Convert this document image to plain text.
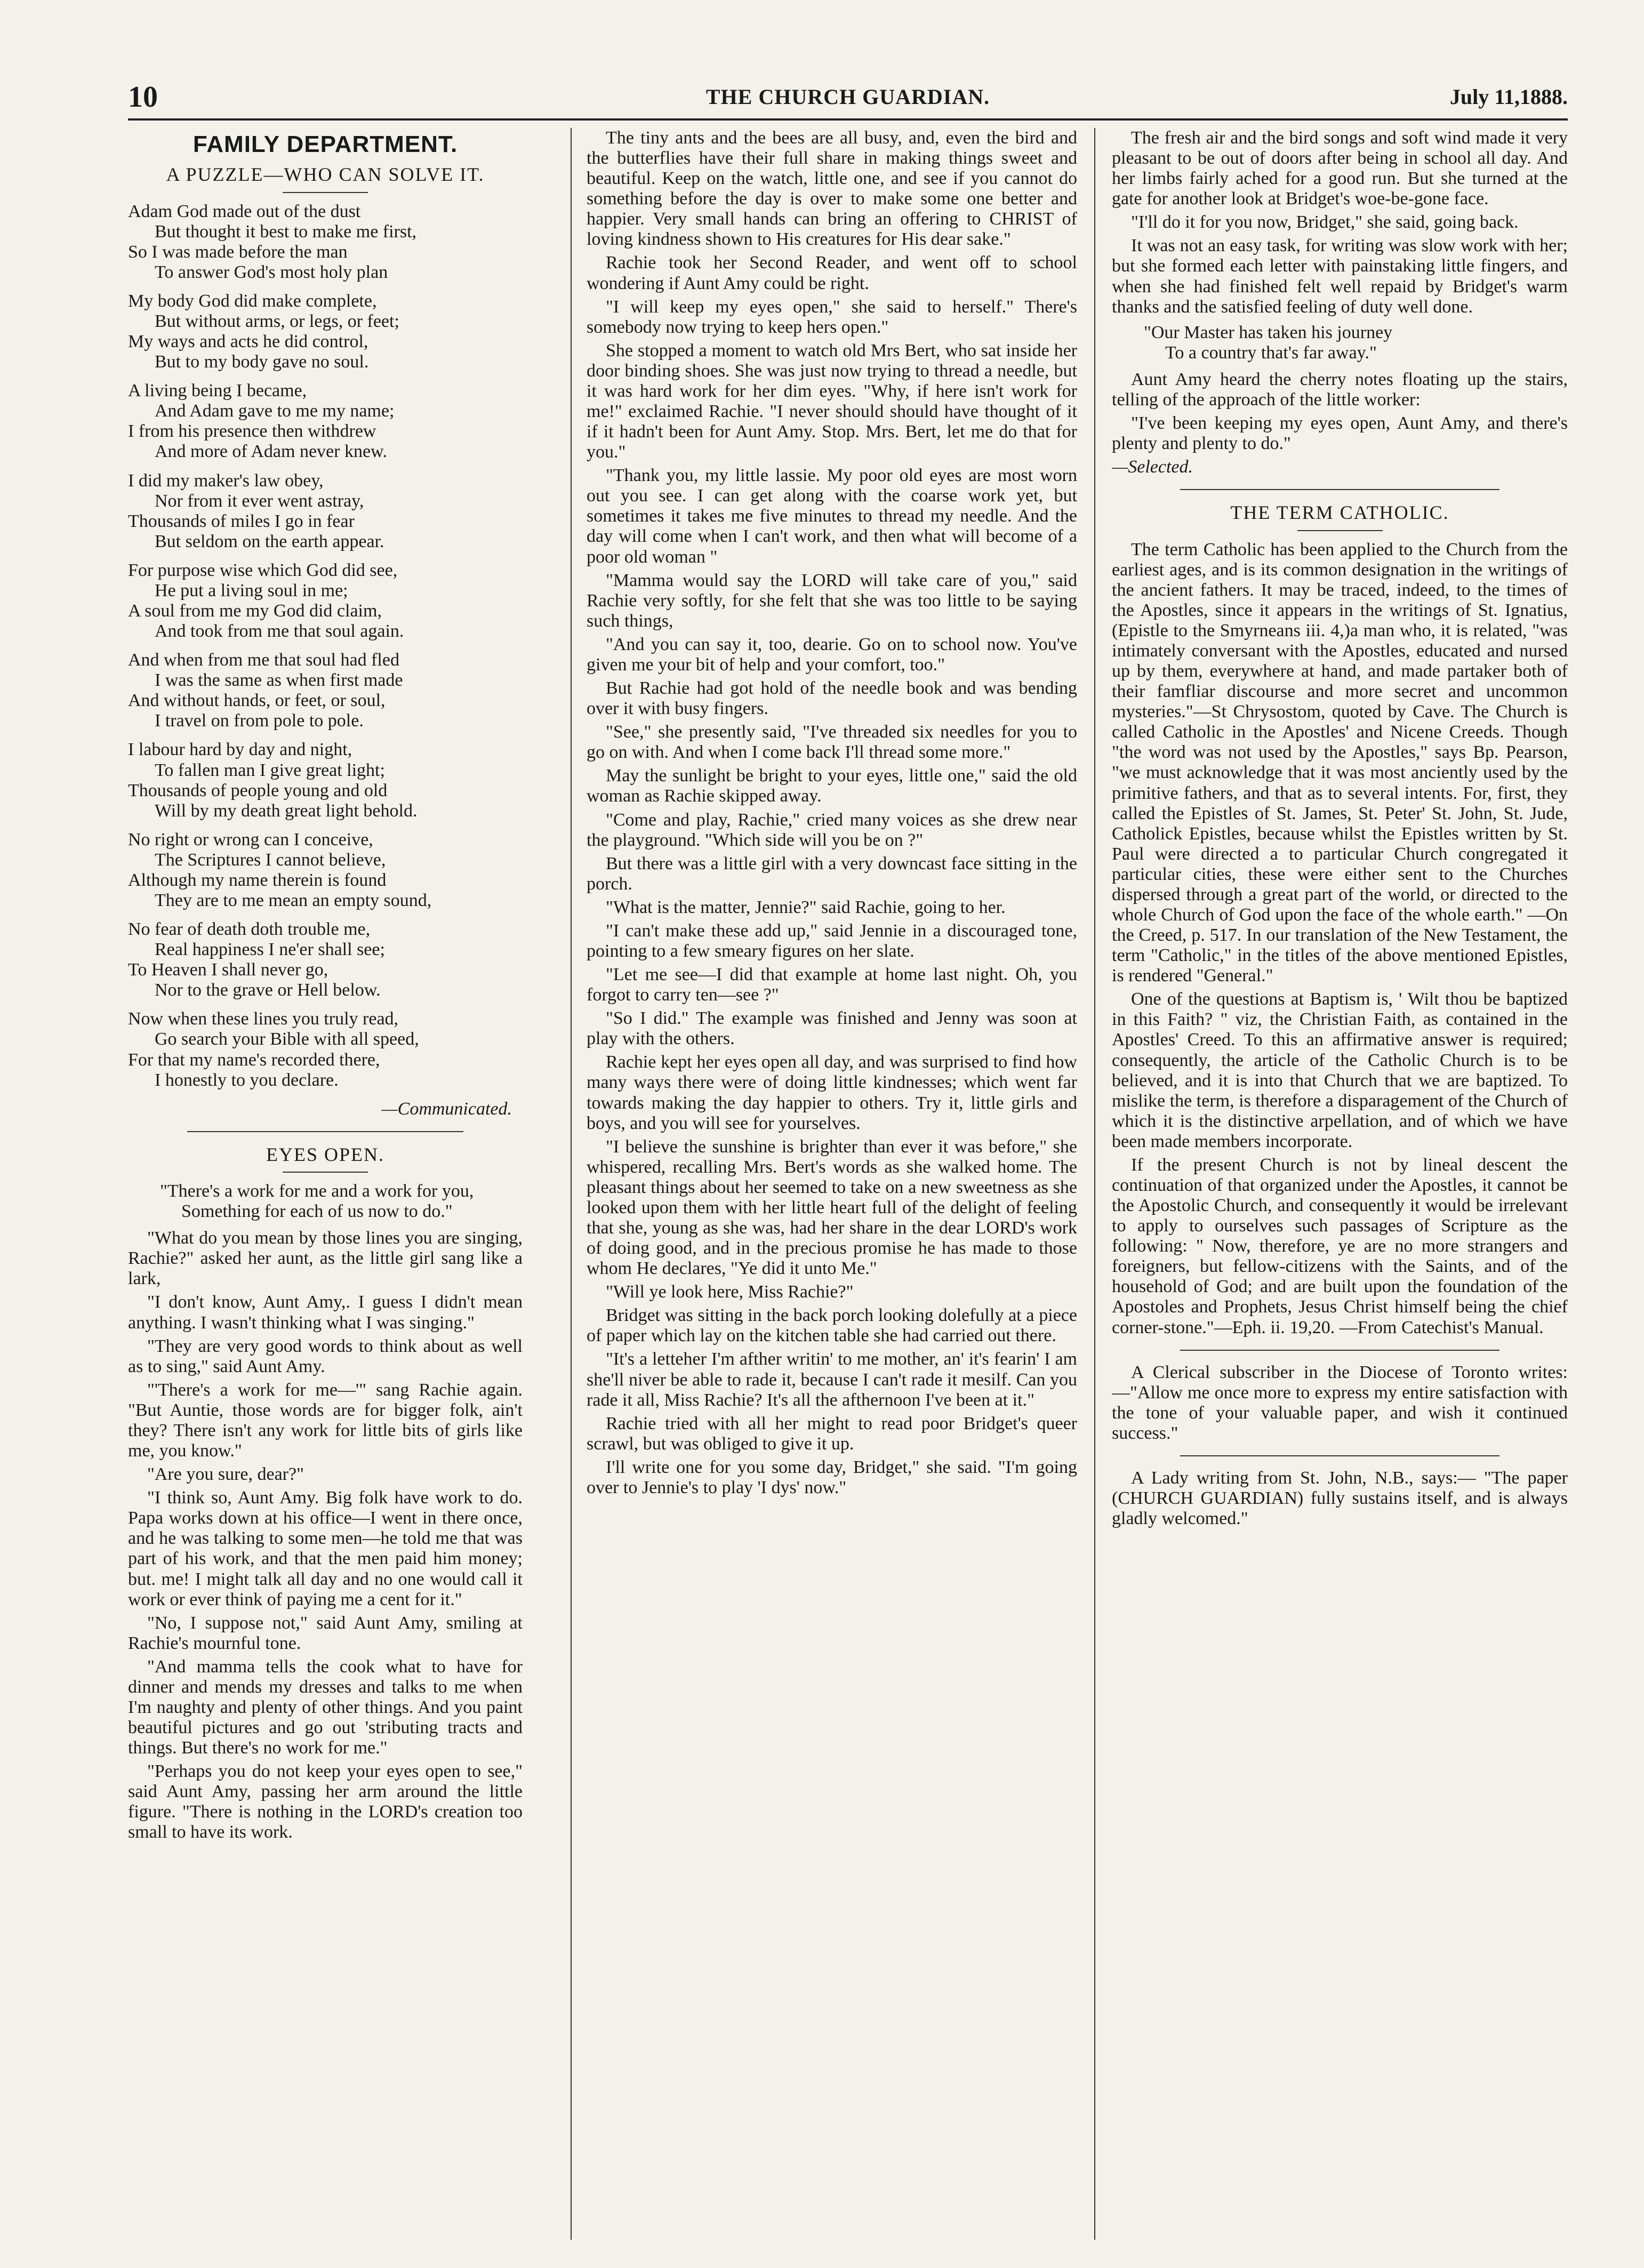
10	THE CHURCH GUARDIAN.	July 11,1888.
FAMILY DEPARTMENT.
A PUZZLE—WHO CAN SOLVE IT.
Adam God made out of the dust
But thought it best to make me first,
So I was made before the man
To answer God's most holy plan
My body God did make complete,
But without arms, or legs, or feet;
My ways and acts he did control,
But to my body gave no soul.
A living being I became,
And Adam gave to me my name;
I from his presence then withdrew
And more of Adam never knew.
I did my maker's law obey,
Nor from it ever went astray,
Thousands of miles I go in fear
But seldom on the earth appear.
For purpose wise which God did see,
He put a living soul in me;
A soul from me my God did claim,
And took from me that soul again.
And when from me that soul had fled
I was the same as when first made
And without hands, or feet, or soul,
I travel on from pole to pole.
I labour hard by day and night,
To fallen man I give great light;
Thousands of people young and old
Will by my death great light behold.
No right or wrong can I conceive,
The Scriptures I cannot believe,
Although my name therein is found
They are to me mean an empty sound,
No fear of death doth trouble me,
Real happiness I ne'er shall see;
To Heaven I shall never go,
Nor to the grave or Hell below.
Now when these lines you truly read,
Go search your Bible with all speed,
For that my name's recorded there,
I honestly to you declare.
—Communicated.
EYES OPEN.
"There's a work for me and a work for you,
Something for each of us now to do."

"What do you mean by those lines you are singing, Rachie?" asked her aunt, as the little girl sang like a lark,

"I don't know, Aunt Amy,. I guess I didn't mean anything. I wasn't thinking what I was singing."

"They are very good words to think about as well as to sing," said Aunt Amy.

"'There's a work for me—'" sang Rachie again. "But Auntie, those words are for bigger folk, ain't they? There isn't any work for little bits of girls like me, you know."

"Are you sure, dear?"

"I think so, Aunt Amy. Big folk have work to do. Papa works down at his office—I went in there once, and he was talking to some men—he told me that was part of his work, and that the men paid him money; but. me! I might talk all day and no one would call it work or ever think of paying me a cent for it."

"No, I suppose not," said Aunt Amy, smiling at Rachie's mournful tone.

"And mamma tells the cook what to have for dinner and mends my dresses and talks to me when I'm naughty and plenty of other things. And you paint beautiful pictures and go out 'stributing tracts and things. But there's no work for me."

"Perhaps you do not keep your eyes open to see," said Aunt Amy, passing her arm around the little figure. "There is nothing in the LORD's creation too small to have its work.

The tiny ants and the bees are all busy, and, even the bird and the butterflies have their full share in making things sweet and beautiful. Keep on the watch, little one, and see if you cannot do something before the day is over to make some one better and happier. Very small hands can bring an offering to CHRIST of loving kindness shown to His creatures for His dear sake."

Rachie took her Second Reader, and went off to school wondering if Aunt Amy could be right.

"I will keep my eyes open," she said to herself." There's somebody now trying to keep hers open."

She stopped a moment to watch old Mrs Bert, who sat inside her door binding shoes. She was just now trying to thread a needle, but it was hard work for her dim eyes. "Why, if here isn't work for me!" exclaimed Rachie. "I never should should have thought of it if it hadn't been for Aunt Amy. Stop. Mrs. Bert, let me do that for you."

"Thank you, my little lassie. My poor old eyes are most worn out you see. I can get along with the coarse work yet, but sometimes it takes me five minutes to thread my needle. And the day will come when I can't work, and then what will become of a poor old woman "

"Mamma would say the LORD will take care of you," said Rachie very softly, for she felt that she was too little to be saying such things,

"And you can say it, too, dearie. Go on to school now. You've given me your bit of help and your comfort, too."

But Rachie had got hold of the needle book and was bending over it with busy fingers.

"See," she presently said, "I've threaded six needles for you to go on with. And when I come back I'll thread some more."

May the sunlight be bright to your eyes, little one," said the old woman as Rachie skipped away.

"Come and play, Rachie," cried many voices as she drew near the playground. "Which side will you be on ?"

But there was a little girl with a very downcast face sitting in the porch.

"What is the matter, Jennie?" said Rachie, going to her.

"I can't make these add up," said Jennie in a discouraged tone, pointing to a few smeary figures on her slate.

"Let me see—I did that example at home last night. Oh, you forgot to carry ten—see ?"

"So I did." The example was finished and Jenny was soon at play with the others.

Rachie kept her eyes open all day, and was surprised to find how many ways there were of doing little kindnesses; which went far towards making the day happier to others. Try it, little girls and boys, and you will see for yourselves.

"I believe the sunshine is brighter than ever it was before," she whispered, recalling Mrs. Bert's words as she walked home. The pleasant things about her seemed to take on a new sweetness as she looked upon them with her little heart full of the delight of feeling that she, young as she was, had her share in the dear LORD's work of doing good, and in the precious promise he has made to those whom He declares, "Ye did it unto Me."

"Will ye look here, Miss Rachie?"

Bridget was sitting in the back porch looking dolefully at a piece of paper which lay on the kitchen table she had carried out there.

"It's a letteher I'm afther writin' to me mother, an' it's fearin' I am she'll niver be able to rade it, because I can't rade it mesilf. Can you rade it all, Miss Rachie? It's all the afthernoon I've been at it."

Rachie tried with all her might to read poor Bridget's queer scrawl, but was obliged to give it up.

I'll write one for you some day, Bridget," she said. "I'm going over to Jennie's to play 'I dys' now."

The fresh air and the bird songs and soft wind made it very pleasant to be out of doors after being in school all day. And her limbs fairly ached for a good run. But she turned at the gate for another look at Bridget's woe-be-gone face.

"I'll do it for you now, Bridget," she said, going back.

It was not an easy task, for writing was slow work with her; but she formed each letter with painstaking little fingers, and when she had finished felt well repaid by Bridget's warm thanks and the satisfied feeling of duty well done.

"Our Master has taken his journey
To a country that's far away."

Aunt Amy heard the cherry notes floating up the stairs, telling of the approach of the little worker:

"I've been keeping my eyes open, Aunt Amy, and there's plenty and plenty to do."

—Selected.
THE TERM CATHOLIC.

The term Catholic has been applied to the Church from the earliest ages, and is its common designation in the writings of the ancient fathers. It may be traced, indeed, to the times of the Apostles, since it appears in the writings of St. Ignatius, (Epistle to the Smyrneans iii. 4,)a man who, it is related, "was intimately conversant with the Apostles, educated and nursed up by them, everywhere at hand, and made partaker both of their famfliar discourse and more secret and uncommon mysteries."—St Chrysostom, quoted by Cave. The Church is called Catholic in the Apostles' and Nicene Creeds. Though "the word was not used by the Apostles," says Bp. Pearson, "we must acknowledge that it was most anciently used by the primitive fathers, and that as to several intents. For, first, they called the Epistles of St. James, St. Peter' St. John, St. Jude, Catholick Epistles, because whilst the Epistles written by St. Paul were directed a to particular Church congregated it particular cities, these were either sent to the Churches dispersed through a great part of the world, or directed to the whole Church of God upon the face of the whole earth." —On the Creed, p. 517. In our translation of the New Testament, the term "Catholic," in the titles of the above mentioned Epistles, is rendered "General."

One of the questions at Baptism is, ' Wilt thou be baptized in this Faith? " viz, the Christian Faith, as contained in the Apostles' Creed. To this an affirmative answer is required; consequently, the article of the Catholic Church is to be believed, and it is into that Church that we are baptized. To mislike the term, is therefore a disparagement of the Church of which it is the distinctive arpellation, and of which we have been made members incorporate.

If the present Church is not by lineal descent the continuation of that organized under the Apostles, it cannot be the Apostolic Church, and consequently it would be irrelevant to apply to ourselves such passages of Scripture as the following: " Now, therefore, ye are no more strangers and foreigners, but fellow-citizens with the Saints, and of the household of God; and are built upon the foundation of the Apostoles and Prophets, Jesus Christ himself being the chief corner-stone."—Eph. ii. 19,20. —From Catechist's Manual.

A Clerical subscriber in the Diocese of Toronto writes:—"Allow me once more to express my entire satisfaction with the tone of your valuable paper, and wish it continued success."

A Lady writing from St. John, N.B., says:— "The paper (CHURCH GUARDIAN) fully sustains itself, and is always gladly welcomed."
